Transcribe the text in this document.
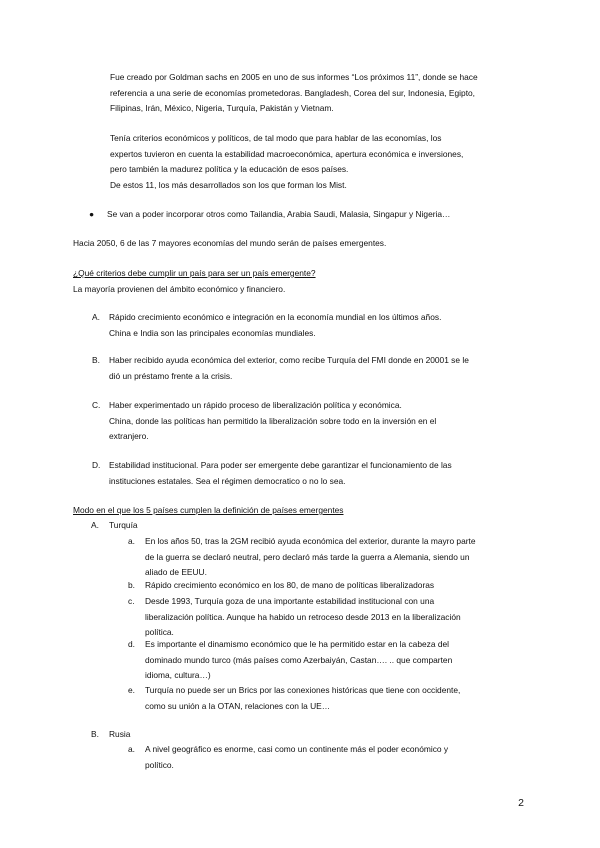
Fue creado por Goldman sachs en 2005 en uno de sus informes “Los próximos 11”, donde se hace
referencia a una serie de economías prometedoras. Bangladesh, Corea del sur, Indonesia, Egipto,
Filipinas, Irán, México, Nigeria, Turquía, Pakistán y Vietnam.
Tenía criterios económicos y políticos, de tal modo que para hablar de las economías, los
expertos tuvieron en cuenta la estabilidad macroeconómica, apertura económica e inversiones,
pero también la madurez política y la educación de esos países.
De estos 11, los más desarrollados son los que forman los Mist.
● Se van a poder incorporar otros como Tailandia, Arabia Saudi, Malasia, Singapur y Nigeria…
Hacia 2050, 6 de las 7 mayores economías del mundo serán de países emergentes.
¿Qué criterios debe cumplir un país para ser un país emergente?
La mayoría provienen del ámbito económico y financiero.
A. Rápido crecimiento económico e integración en la economía mundial en los últimos años.
China e India son las principales economías mundiales.
B. Haber recibido ayuda económica del exterior, como recibe Turquía del FMI donde en 20001 se le
dió un préstamo frente a la crisis.
C. Haber experimentado un rápido proceso de liberalización política y económica.
China, donde las políticas han permitido la liberalización sobre todo en la inversión en el
extranjero.
D. Estabilidad institucional. Para poder ser emergente debe garantizar el funcionamiento de las
instituciones estatales. Sea el régimen democratico o no lo sea.
Modo en el que los 5 países cumplen la definición de países emergentes
A. Turquía
a. En los años 50, tras la 2GM recibió ayuda económica del exterior, durante la mayro parte
de la guerra se declaró neutral, pero declaró más tarde la guerra a Alemania, siendo un
aliado de EEUU.
b. Rápido crecimiento económico en los 80, de mano de políticas liberalizadoras
c. Desde 1993, Turquía goza de una importante estabilidad institucional con una
liberalización política. Aunque ha habido un retroceso desde 2013 en la liberalización
política.
d. Es importante el dinamismo económico que le ha permitido estar en la cabeza del
dominado mundo turco (más países como Azerbaiyán, Castan…. .. que comparten
idioma, cultura…)
e. Turquía no puede ser un Brics por las conexiones históricas que tiene con occidente,
como su unión a la OTAN, relaciones con la UE…
B. Rusia
a. A nivel geográfico es enorme, casi como un continente más el poder económico y
político.
2
